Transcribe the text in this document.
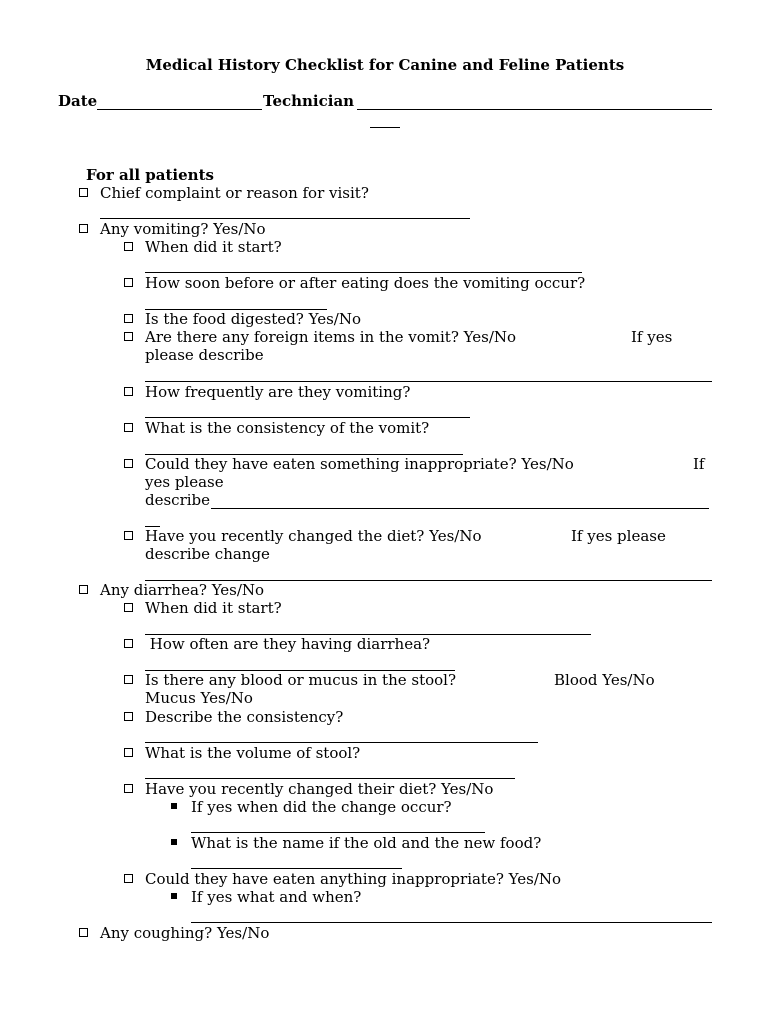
Medical History Checklist for Canine and Feline Patients
Date	Technician
For all patients
Chief complaint or reason for visit?
Any vomiting? Yes/No
When did it start?
How soon before or after eating does the vomiting occur?
Is the food digested? Yes/No
Are there any foreign items in the vomit? Yes/No	If yes
please describe
How frequently are they vomiting?
What is the consistency of the vomit?
Could they have eaten something inappropriate? Yes/No	If
yes please
describe
Have you recently changed the diet? Yes/No	If yes please
describe change
Any diarrhea? Yes/No
When did it start?
How often are they having diarrhea?
Is there any blood or mucus in the stool?	Blood Yes/No
Mucus Yes/No
Describe the consistency?
What is the volume of stool?
Have you recently changed their diet? Yes/No
If yes when did the change occur?
What is the name if the old and the new food?
Could they have eaten anything inappropriate? Yes/No
If yes what and when?
Any coughing? Yes/No
